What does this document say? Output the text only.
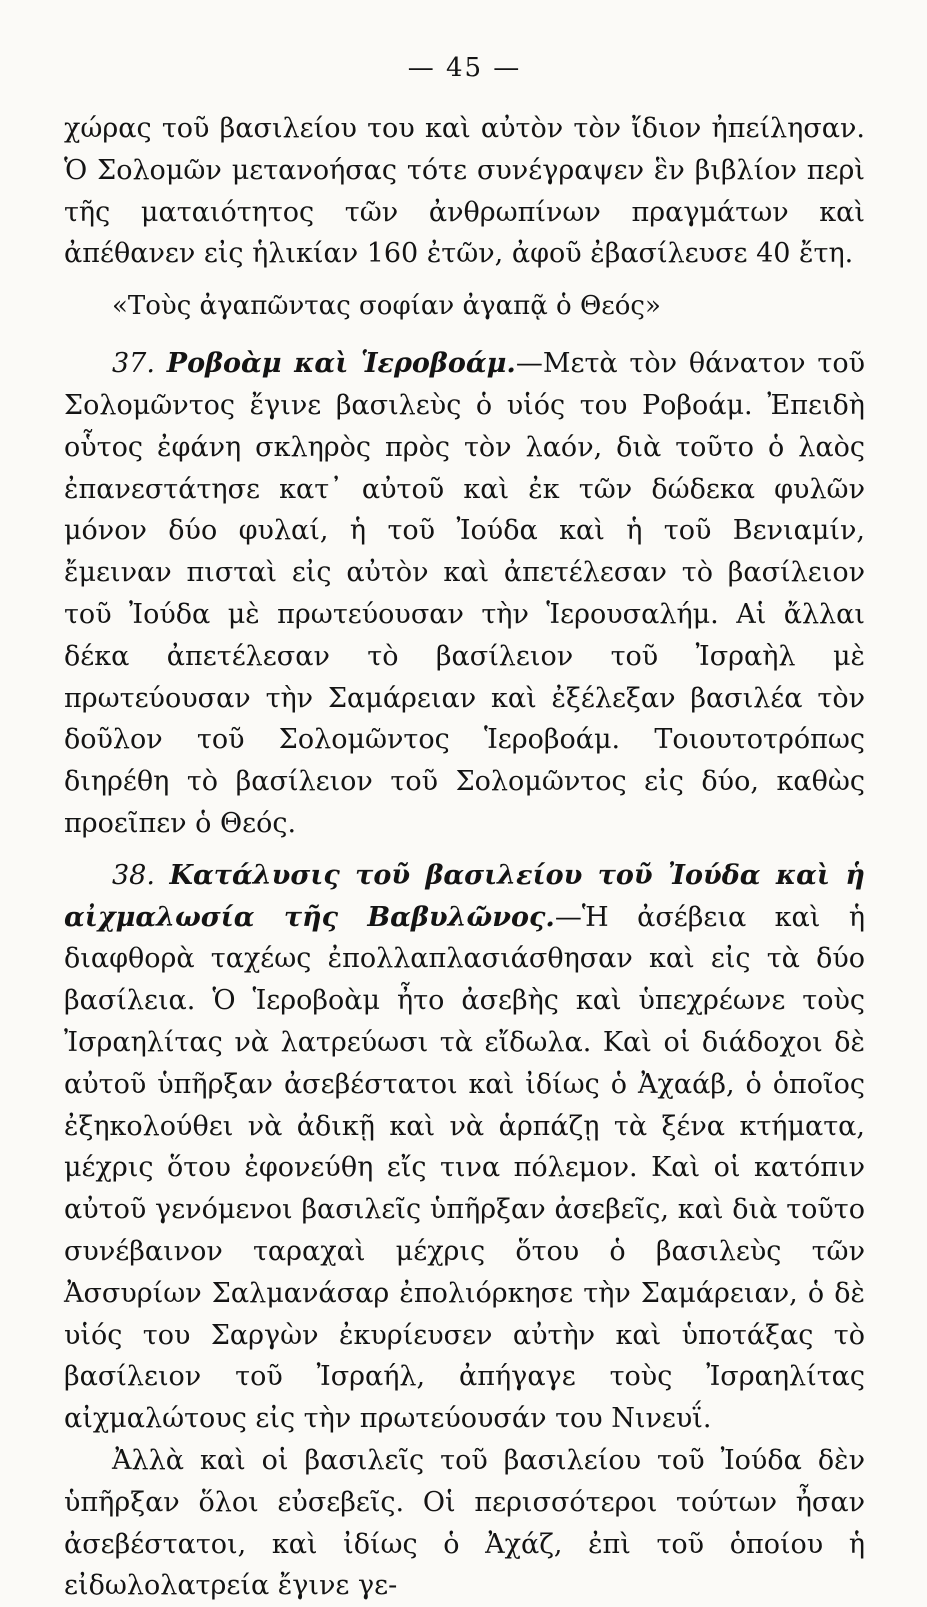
— 45 —

χώρας τοῦ βασιλείου του καὶ αὐτὸν τὸν ἴδιον ἠπείλησαν. Ὁ Σολομῶν μετανοήσας τότε συνέγραψεν ἓν βιβλίον περὶ τῆς ματαιότητος τῶν ἀνθρωπίνων πραγμάτων καὶ ἀπέθανεν εἰς ἡλικίαν 160 ἐτῶν, ἀφοῦ ἐβασίλευσε 40 ἔτη.

«Τοὺς ἀγαπῶντας σοφίαν ἀγαπᾷ ὁ Θεός»

37. Ροβοὰμ καὶ Ἱεροβοάμ.—Μετὰ τὸν θάνατον τοῦ Σολομῶντος ἔγινε βασιλεὺς ὁ υἱός του Ροβοάμ. Ἐπειδὴ οὗτος ἐφάνη σκληρὸς πρὸς τὸν λαόν, διὰ τοῦτο ὁ λαὸς ἐπανεστάτησε κατ᾽ αὐτοῦ καὶ ἐκ τῶν δώδεκα φυλῶν μόνον δύο φυλαί, ἡ τοῦ Ἰούδα καὶ ἡ τοῦ Βενιαμίν, ἔμειναν πισταὶ εἰς αὐτὸν καὶ ἀπετέλεσαν τὸ βασίλειον τοῦ Ἰούδα μὲ πρωτεύουσαν τὴν Ἱερουσαλήμ. Αἱ ἄλλαι δέκα ἀπετέλεσαν τὸ βασίλειον τοῦ Ἰσραὴλ μὲ πρωτεύουσαν τὴν Σαμάρειαν καὶ ἐξέλεξαν βασιλέα τὸν δοῦλον τοῦ Σολομῶντος Ἱεροβοάμ. Τοιουτοτρόπως διηρέθη τὸ βασίλειον τοῦ Σολομῶντος εἰς δύο, καθὼς προεῖπεν ὁ Θεός.

38. Κατάλυσις τοῦ βασιλείου τοῦ Ἰούδα καὶ ἡ αἰχμαλωσία τῆς Βαβυλῶνος.—Ἡ ἀσέβεια καὶ ἡ διαφθορὰ ταχέως ἐπολλαπλασιάσθησαν καὶ εἰς τὰ δύο βασίλεια. Ὁ Ἱεροβοὰμ ἦτο ἀσεβὴς καὶ ὑπεχρέωνε τοὺς Ἰσραηλίτας νὰ λατρεύωσι τὰ εἴδωλα. Καὶ οἱ διάδοχοι δὲ αὐτοῦ ὑπῆρξαν ἀσεβέστατοι καὶ ἰδίως ὁ Ἀχαάβ, ὁ ὁποῖος ἐξηκολούθει νὰ ἀδικῇ καὶ νὰ ἁρπάζῃ τὰ ξένα κτήματα, μέχρις ὅτου ἐφονεύθη εἴς τινα πόλεμον. Καὶ οἱ κατόπιν αὐτοῦ γενόμενοι βασιλεῖς ὑπῆρξαν ἀσεβεῖς, καὶ διὰ τοῦτο συνέβαινον ταραχαὶ μέχρις ὅτου ὁ βασιλεὺς τῶν Ἀσσυρίων Σαλμανάσαρ ἐπολιόρκησε τὴν Σαμάρειαν, ὁ δὲ υἱός του Σαργὼν ἐκυρίευσεν αὐτὴν καὶ ὑποτάξας τὸ βασίλειον τοῦ Ἰσραήλ, ἀπήγαγε τοὺς Ἰσραηλίτας αἰχμαλώτους εἰς τὴν πρωτεύουσάν του Νινευΐ.

Ἀλλὰ καὶ οἱ βασιλεῖς τοῦ βασιλείου τοῦ Ἰούδα δὲν ὑπῆρξαν ὅλοι εὐσεβεῖς. Οἱ περισσότεροι τούτων ἦσαν ἀσεβέστατοι, καὶ ἰδίως ὁ Ἀχάζ, ἐπὶ τοῦ ὁποίου ἡ εἰδωλολατρεία ἔγινε γε-
